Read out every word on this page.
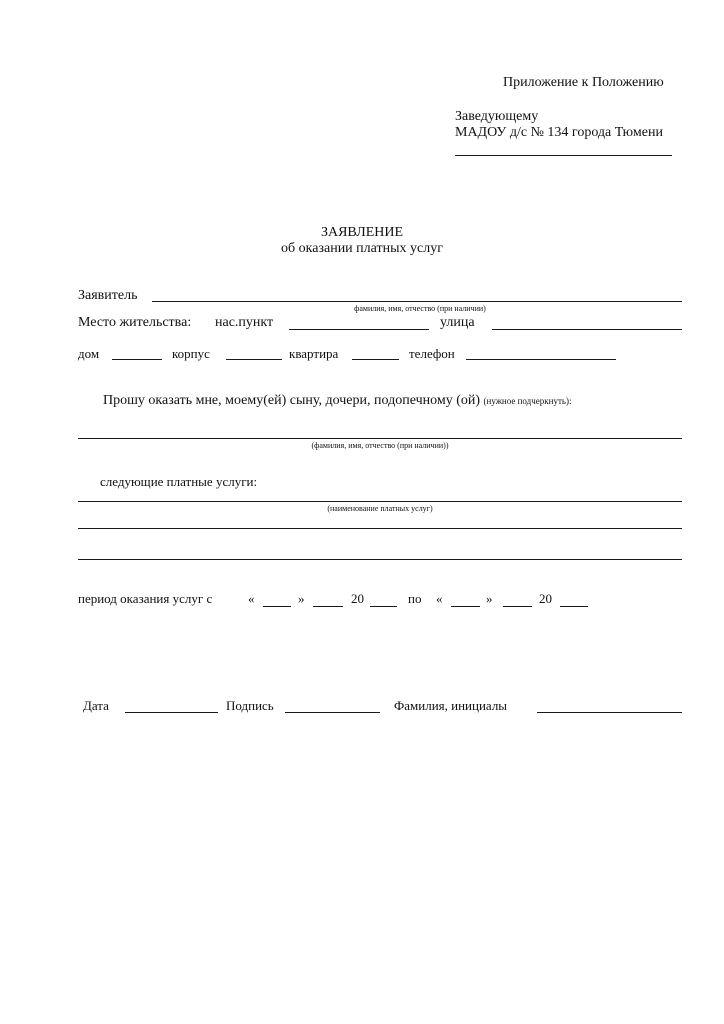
Приложение к Положению
Заведующему
МАДОУ д/с № 134 города Тюмени
ЗАЯВЛЕНИЕ
об оказании платных услуг
Заявитель
фамилия, имя, отчество (при наличии)
Место жительства: нас.пункт	улица
дом	корпус	квартира	телефон
Прошу оказать мне, моему(ей) сыну, дочери, подопечному (ой) (нужное подчеркнуть):
(фамилия, имя, отчество (при наличии))
следующие платные услуги:
(наименование платных услуг)
период оказания услуг с	«	»	20	по «	»	20
Дата	Подпись	Фамилия, инициалы
